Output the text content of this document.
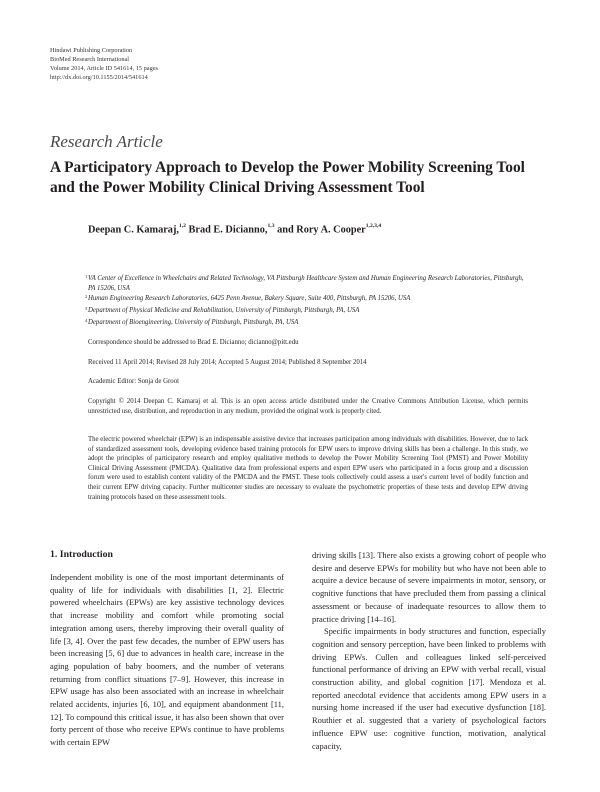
Hindawi Publishing Corporation
BioMed Research International
Volume 2014, Article ID 541614, 15 pages
http://dx.doi.org/10.1155/2014/541614
Research Article
A Participatory Approach to Develop the Power Mobility Screening Tool and the Power Mobility Clinical Driving Assessment Tool
Deepan C. Kamaraj,$^{1,2}$ Brad E. Dicianno,$^{1,3}$ and Rory A. Cooper$^{1,2,3,4}$
1 VA Center of Excellence in Wheelchairs and Related Technology, VA Pittsburgh Healthcare System and Human Engineering Research Laboratories, Pittsburgh, PA 15206, USA
2 Human Engineering Research Laboratories, 6425 Penn Avenue, Bakery Square, Suite 400, Pittsburgh, PA 15206, USA
3 Department of Physical Medicine and Rehabilitation, University of Pittsburgh, Pittsburgh, PA, USA
4 Department of Bioengineering, University of Pittsburgh, Pittsburgh, PA, USA
Correspondence should be addressed to Brad E. Dicianno; dicianno@pitt.edu
Received 11 April 2014; Revised 28 July 2014; Accepted 5 August 2014; Published 8 September 2014
Academic Editor: Sonja de Groot
Copyright © 2014 Deepan C. Kamaraj et al. This is an open access article distributed under the Creative Commons Attribution License, which permits unrestricted use, distribution, and reproduction in any medium, provided the original work is properly cited.
The electric powered wheelchair (EPW) is an indispensable assistive device that increases participation among individuals with disabilities. However, due to lack of standardized assessment tools, developing evidence based training protocols for EPW users to improve driving skills has been a challenge. In this study, we adopt the principles of participatory research and employ qualitative methods to develop the Power Mobility Screening Tool (PMST) and Power Mobility Clinical Driving Assessment (PMCDA). Qualitative data from professional experts and expert EPW users who participated in a focus group and a discussion forum were used to establish content validity of the PMCDA and the PMST. These tools collectively could assess a user's current level of bodily function and their current EPW driving capacity. Further multicenter studies are necessary to evaluate the psychometric properties of these tests and develop EPW driving training protocols based on these assessment tools.
1. Introduction

Independent mobility is one of the most important determinants of quality of life for individuals with disabilities [1, 2]. Electric powered wheelchairs (EPWs) are key assistive technology devices that increase mobility and comfort while promoting social integration among users, thereby improving their overall quality of life [3, 4]. Over the past few decades, the number of EPW users has been increasing [5, 6] due to advances in health care, increase in the aging population of baby boomers, and the number of veterans returning from conflict situations [7–9]. However, this increase in EPW usage has also been associated with an increase in wheelchair related accidents, injuries [6, 10], and equipment abandonment [11, 12]. To compound this critical issue, it has also been shown that over forty percent of those who receive EPWs continue to have problems with certain EPW

driving skills [13]. There also exists a growing cohort of people who desire and deserve EPWs for mobility but who have not been able to acquire a device because of severe impairments in motor, sensory, or cognitive functions that have precluded them from passing a clinical assessment or because of inadequate resources to allow them to practice driving [14–16].

Specific impairments in body structures and function, especially cognition and sensory perception, have been linked to problems with driving EPWs. Cullen and colleagues linked self-perceived functional performance of driving an EPW with verbal recall, visual construction ability, and global cognition [17]. Mendoza et al. reported anecdotal evidence that accidents among EPW users in a nursing home increased if the user had executive dysfunction [18]. Routhier et al. suggested that a variety of psychological factors influence EPW use: cognitive function, motivation, analytical capacity,
